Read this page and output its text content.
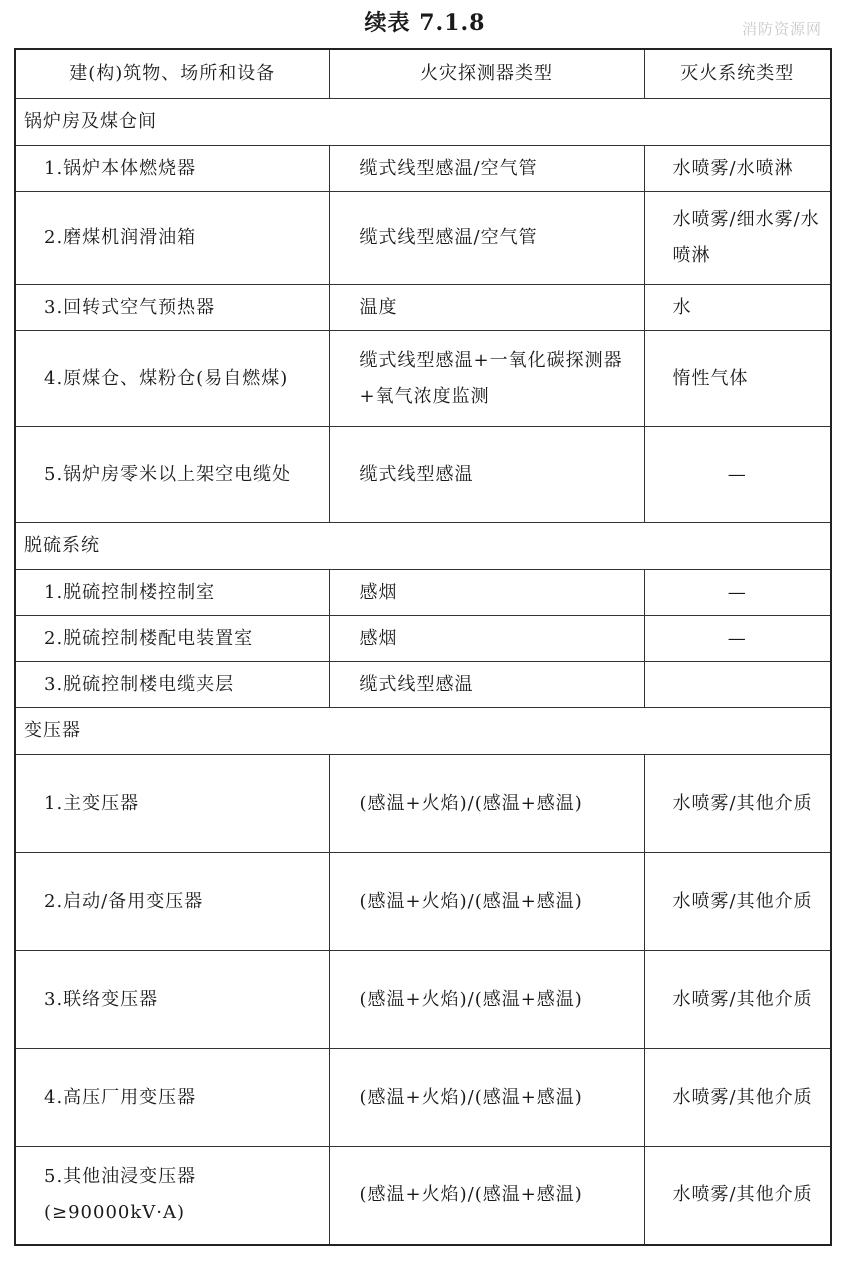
续表 7.1.8	消防资源网
建(构)筑物、场所和设备	火灾探测器类型	灭火系统类型
锅炉房及煤仓间		
1.锅炉本体燃烧器	缆式线型感温/空气管	水喷雾/水喷淋
2.磨煤机润滑油箱	缆式线型感温/空气管	水喷雾/细水雾/水喷淋
3.回转式空气预热器	温度	水
4.原煤仓、煤粉仓(易自燃煤)	缆式线型感温+一氧化碳探测器+氧气浓度监测	惰性气体
5.锅炉房零米以上架空电缆处	缆式线型感温	—
脱硫系统		
1.脱硫控制楼控制室	感烟	—
2.脱硫控制楼配电装置室	感烟	—
3.脱硫控制楼电缆夹层	缆式线型感温	
变压器		
1.主变压器	(感温+火焰)/(感温+感温)	水喷雾/其他介质
2.启动/备用变压器	(感温+火焰)/(感温+感温)	水喷雾/其他介质
3.联络变压器	(感温+火焰)/(感温+感温)	水喷雾/其他介质
4.高压厂用变压器	(感温+火焰)/(感温+感温)	水喷雾/其他介质
5.其他油浸变压器(≥90000kV·A)	(感温+火焰)/(感温+感温)	水喷雾/其他介质
